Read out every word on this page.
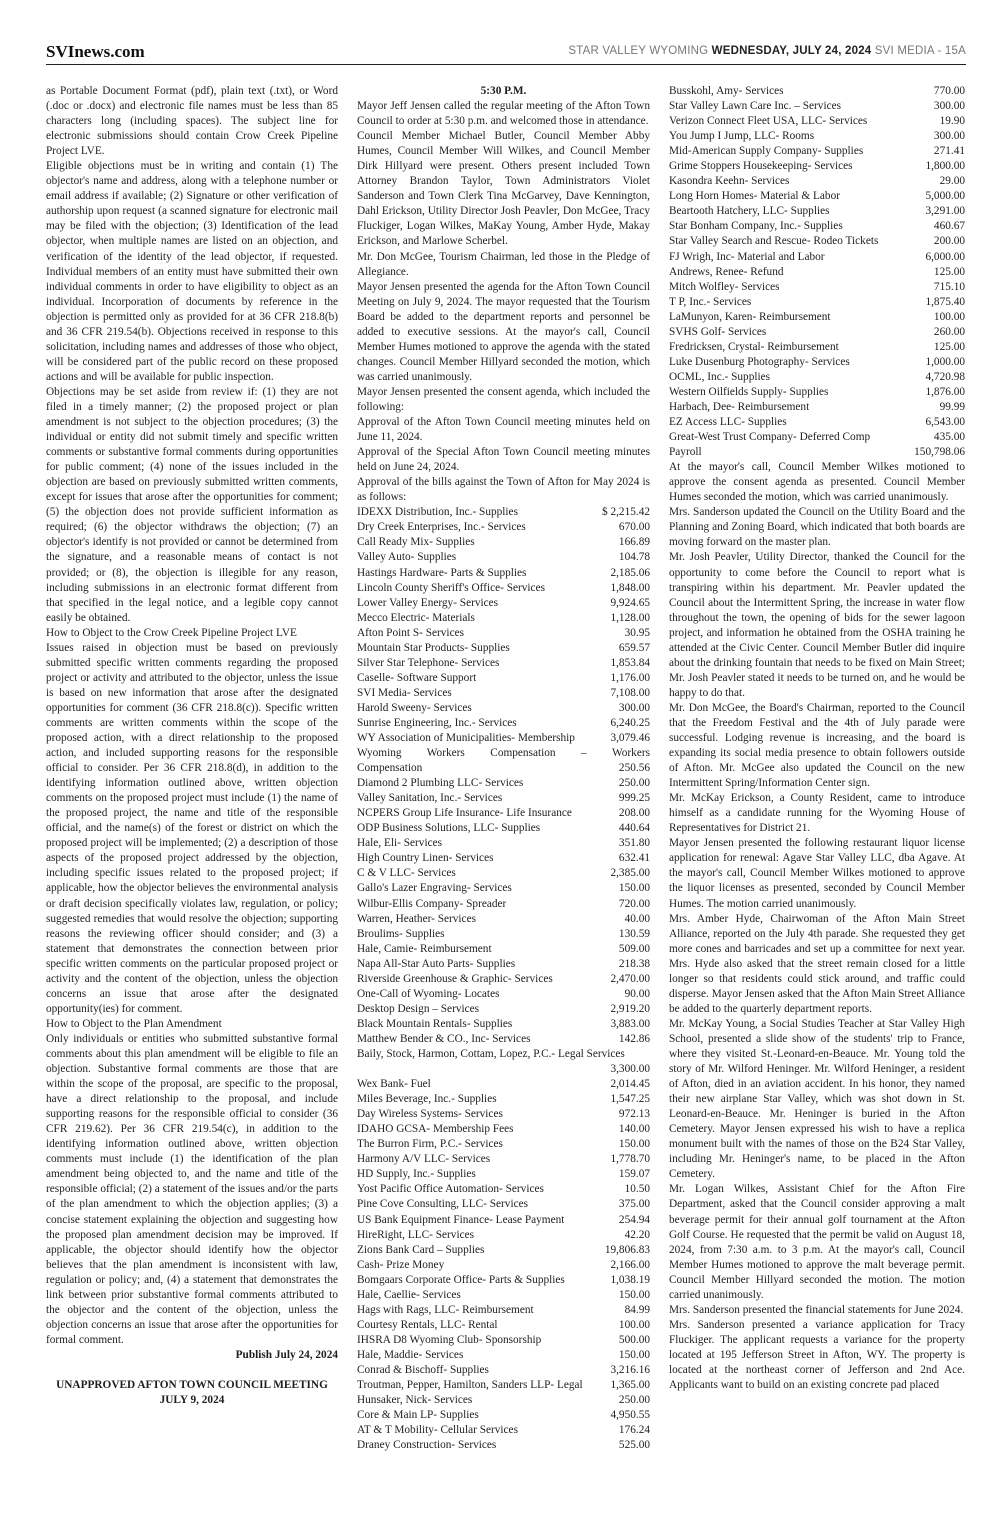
SVInews.com	STAR VALLEY WYOMING WEDNESDAY, JULY 24, 2024 SVI MEDIA - 15A

as Portable Document Format (pdf), plain text (.txt), or Word (.doc or .docx) and electronic file names must be less than 85 characters long (including spaces). The subject line for electronic submissions should contain Crow Creek Pipeline Project LVE.

Eligible objections must be in writing and contain (1) The objector's name and address, along with a telephone number or email address if available; (2) Signature or other verification of authorship upon request (a scanned signature for electronic mail may be filed with the objection; (3) Identification of the lead objector, when multiple names are listed on an objection, and verification of the identity of the lead objector, if requested. Individual members of an entity must have submitted their own individual comments in order to have eligibility to object as an individual. Incorporation of documents by reference in the objection is permitted only as provided for at 36 CFR 218.8(b) and 36 CFR 219.54(b). Objections received in response to this solicitation, including names and addresses of those who object, will be considered part of the public record on these proposed actions and will be available for public inspection.

Objections may be set aside from review if: (1) they are not filed in a timely manner; (2) the proposed project or plan amendment is not subject to the objection procedures; (3) the individual or entity did not submit timely and specific written comments or substantive formal comments during opportunities for public comment; (4) none of the issues included in the objection are based on previously submitted written comments, except for issues that arose after the opportunities for comment; (5) the objection does not provide sufficient information as required; (6) the objector withdraws the objection; (7) an objector's identify is not provided or cannot be determined from the signature, and a reasonable means of contact is not provided; or (8), the objection is illegible for any reason, including submissions in an electronic format different from that specified in the legal notice, and a legible copy cannot easily be obtained.

How to Object to the Crow Creek Pipeline Project LVE

Issues raised in objection must be based on previously submitted specific written comments regarding the proposed project or activity and attributed to the objector, unless the issue is based on new information that arose after the designated opportunities for comment (36 CFR 218.8(c)). Specific written comments are written comments within the scope of the proposed action, with a direct relationship to the proposed action, and included supporting reasons for the responsible official to consider. Per 36 CFR 218.8(d), in addition to the identifying information outlined above, written objection comments on the proposed project must include (1) the name of the proposed project, the name and title of the responsible official, and the name(s) of the forest or district on which the proposed project will be implemented; (2) a description of those aspects of the proposed project addressed by the objection, including specific issues related to the proposed project; if applicable, how the objector believes the environmental analysis or draft decision specifically violates law, regulation, or policy; suggested remedies that would resolve the objection; supporting reasons the reviewing officer should consider; and (3) a statement that demonstrates the connection between prior specific written comments on the particular proposed project or activity and the content of the objection, unless the objection concerns an issue that arose after the designated opportunity(ies) for comment.

How to Object to the Plan Amendment

Only individuals or entities who submitted substantive formal comments about this plan amendment will be eligible to file an objection. Substantive formal comments are those that are within the scope of the proposal, are specific to the proposal, have a direct relationship to the proposal, and include supporting reasons for the responsible official to consider (36 CFR 219.62). Per 36 CFR 219.54(c), in addition to the identifying information outlined above, written objection comments must include (1) the identification of the plan amendment being objected to, and the name and title of the responsible official; (2) a statement of the issues and/or the parts of the plan amendment to which the objection applies; (3) a concise statement explaining the objection and suggesting how the proposed plan amendment decision may be improved. If applicable, the objector should identify how the objector believes that the plan amendment is inconsistent with law, regulation or policy; and, (4) a statement that demonstrates the link between prior substantive formal comments attributed to the objector and the content of the objection, unless the objection concerns an issue that arose after the opportunities for formal comment.

Publish July 24, 2024

UNAPPROVED AFTON TOWN COUNCIL MEETING JULY 9, 2024

5:30 P.M.

Mayor Jeff Jensen called the regular meeting of the Afton Town Council to order at 5:30 p.m. and welcomed those in attendance.

Council Member Michael Butler, Council Member Abby Humes, Council Member Will Wilkes, and Council Member Dirk Hillyard were present. Others present included Town Attorney Brandon Taylor, Town Administrators Violet Sanderson and Town Clerk Tina McGarvey, Dave Kennington, Dahl Erickson, Utility Director Josh Peavler, Don McGee, Tracy Fluckiger, Logan Wilkes, MaKay Young, Amber Hyde, Makay Erickson, and Marlowe Scherbel.

Mr. Don McGee, Tourism Chairman, led those in the Pledge of Allegiance.

Mayor Jensen presented the agenda for the Afton Town Council Meeting on July 9, 2024. The mayor requested that the Tourism Board be added to the department reports and personnel be added to executive sessions. At the mayor's call, Council Member Humes motioned to approve the agenda with the stated changes. Council Member Hillyard seconded the motion, which was carried unanimously.

Mayor Jensen presented the consent agenda, which included the following:

Approval of the Afton Town Council meeting minutes held on June 11, 2024.

Approval of the Special Afton Town Council meeting minutes held on June 24, 2024.

Approval of the bills against the Town of Afton for May 2024 is as follows:

IDEXX Distribution, Inc.- Supplies	$ 2,215.42
Dry Creek Enterprises, Inc.- Services	670.00
Call Ready Mix- Supplies	166.89
Valley Auto- Supplies	104.78
Hastings Hardware- Parts & Supplies	2,185.06
Lincoln County Sheriff's Office- Services	1,848.00
Lower Valley Energy- Services	9,924.65
Mecco Electric- Materials	1,128.00
Afton Point S- Services	30.95
Mountain Star Products- Supplies	659.57
Silver Star Telephone- Services	1,853.84
Caselle- Software Support	1,176.00
SVI Media- Services	7,108.00
Harold Sweeny- Services	300.00
Sunrise Engineering, Inc.- Services	6,240.25
WY Association of Municipalities- Membership	3,079.46

Wyoming Workers Compensation – Workers

Compensation	250.56
Diamond 2 Plumbing LLC- Services	250.00
Valley Sanitation, Inc.- Services	999.25
NCPERS Group Life Insurance- Life Insurance	208.00
ODP Business Solutions, LLC- Supplies	440.64
Hale, Eli- Services	351.80
High Country Linen- Services	632.41
C & V LLC- Services	2,385.00
Gallo's Lazer Engraving- Services	150.00
Wilbur-Ellis Company- Spreader	720.00
Warren, Heather- Services	40.00
Broulims- Supplies	130.59
Hale, Camie- Reimbursement	509.00
Napa All-Star Auto Parts- Supplies	218.38
Riverside Greenhouse & Graphic- Services	2,470.00
One-Call of Wyoming- Locates	90.00
Desktop Design – Services	2,919.20
Black Mountain Rentals- Supplies	3,883.00
Matthew Bender & CO., Inc- Services	142.86

Baily, Stock, Harmon, Cottam, Lopez, P.C.- Legal Services

3,300.00
Wex Bank- Fuel	2,014.45
Miles Beverage, Inc.- Supplies	1,547.25
Day Wireless Systems- Services	972.13
IDAHO GCSA- Membership Fees	140.00
The Burron Firm, P.C.- Services	150.00
Harmony A/V LLC- Services	1,778.70
HD Supply, Inc.- Supplies	159.07
Yost Pacific Office Automation- Services	10.50
Pine Cove Consulting, LLC- Services	375.00
US Bank Equipment Finance- Lease Payment	254.94
HireRight, LLC- Services	42.20
Zions Bank Card – Supplies	19,806.83
Cash- Prize Money	2,166.00
Bomgaars Corporate Office- Parts & Supplies	1,038.19
Hale, Caellie- Services	150.00
Hags with Rags, LLC- Reimbursement	84.99
Courtesy Rentals, LLC- Rental	100.00
IHSRA D8 Wyoming Club- Sponsorship	500.00
Hale, Maddie- Services	150.00
Conrad & Bischoff- Supplies	3,216.16
Troutman, Pepper, Hamilton, Sanders LLP- Legal	1,365.00
Hunsaker, Nick- Services	250.00
Core & Main LP- Supplies	4,950.55
AT & T Mobility- Cellular Services	176.24
Draney Construction- Services	525.00
Busskohl, Amy- Services	770.00
Star Valley Lawn Care Inc. – Services	300.00
Verizon Connect Fleet USA, LLC- Services	19.90
You Jump I Jump, LLC- Rooms	300.00
Mid-American Supply Company- Supplies	271.41
Grime Stoppers Housekeeping- Services	1,800.00
Kasondra Keehn- Services	29.00
Long Horn Homes- Material & Labor	5,000.00
Beartooth Hatchery, LLC- Supplies	3,291.00
Star Bonham Company, Inc.- Supplies	460.67
Star Valley Search and Rescue- Rodeo Tickets	200.00
FJ Wrigh, Inc- Material and Labor	6,000.00
Andrews, Renee- Refund	125.00
Mitch Wolfley- Services	715.10
T P, Inc.- Services	1,875.40
LaMunyon, Karen- Reimbursement	100.00
SVHS Golf- Services	260.00
Fredricksen, Crystal- Reimbursement	125.00
Luke Dusenburg Photography- Services	1,000.00
OCML, Inc.- Supplies	4,720.98
Western Oilfields Supply- Supplies	1,876.00
Harbach, Dee- Reimbursement	99.99
EZ Access LLC- Supplies	6,543.00
Great-West Trust Company- Deferred Comp	435.00
Payroll	150,798.06

At the mayor's call, Council Member Wilkes motioned to approve the consent agenda as presented. Council Member Humes seconded the motion, which was carried unanimously.

Mrs. Sanderson updated the Council on the Utility Board and the Planning and Zoning Board, which indicated that both boards are moving forward on the master plan.

Mr. Josh Peavler, Utility Director, thanked the Council for the opportunity to come before the Council to report what is transpiring within his department. Mr. Peavler updated the Council about the Intermittent Spring, the increase in water flow throughout the town, the opening of bids for the sewer lagoon project, and information he obtained from the OSHA training he attended at the Civic Center. Council Member Butler did inquire about the drinking fountain that needs to be fixed on Main Street; Mr. Josh Peavler stated it needs to be turned on, and he would be happy to do that.

Mr. Don McGee, the Board's Chairman, reported to the Council that the Freedom Festival and the 4th of July parade were successful. Lodging revenue is increasing, and the board is expanding its social media presence to obtain followers outside of Afton. Mr. McGee also updated the Council on the new Intermittent Spring/Information Center sign.

Mr. McKay Erickson, a County Resident, came to introduce himself as a candidate running for the Wyoming House of Representatives for District 21.

Mayor Jensen presented the following restaurant liquor license application for renewal: Agave Star Valley LLC, dba Agave. At the mayor's call, Council Member Wilkes motioned to approve the liquor licenses as presented, seconded by Council Member Humes. The motion carried unanimously.

Mrs. Amber Hyde, Chairwoman of the Afton Main Street Alliance, reported on the July 4th parade. She requested they get more cones and barricades and set up a committee for next year. Mrs. Hyde also asked that the street remain closed for a little longer so that residents could stick around, and traffic could disperse. Mayor Jensen asked that the Afton Main Street Alliance be added to the quarterly department reports.

Mr. McKay Young, a Social Studies Teacher at Star Valley High School, presented a slide show of the students' trip to France, where they visited St.-Leonard-en-Beauce. Mr. Young told the story of Mr. Wilford Heninger. Mr. Wilford Heninger, a resident of Afton, died in an aviation accident. In his honor, they named their new airplane Star Valley, which was shot down in St. Leonard-en-Beauce. Mr. Heninger is buried in the Afton Cemetery. Mayor Jensen expressed his wish to have a replica monument built with the names of those on the B24 Star Valley, including Mr. Heninger's name, to be placed in the Afton Cemetery.

Mr. Logan Wilkes, Assistant Chief for the Afton Fire Department, asked that the Council consider approving a malt beverage permit for their annual golf tournament at the Afton Golf Course. He requested that the permit be valid on August 18, 2024, from 7:30 a.m. to 3 p.m. At the mayor's call, Council Member Humes motioned to approve the malt beverage permit. Council Member Hillyard seconded the motion. The motion carried unanimously.

Mrs. Sanderson presented the financial statements for June 2024.

Mrs. Sanderson presented a variance application for Tracy Fluckiger. The applicant requests a variance for the property located at 195 Jefferson Street in Afton, WY. The property is located at the northeast corner of Jefferson and 2nd Ace. Applicants want to build on an existing concrete pad placed
